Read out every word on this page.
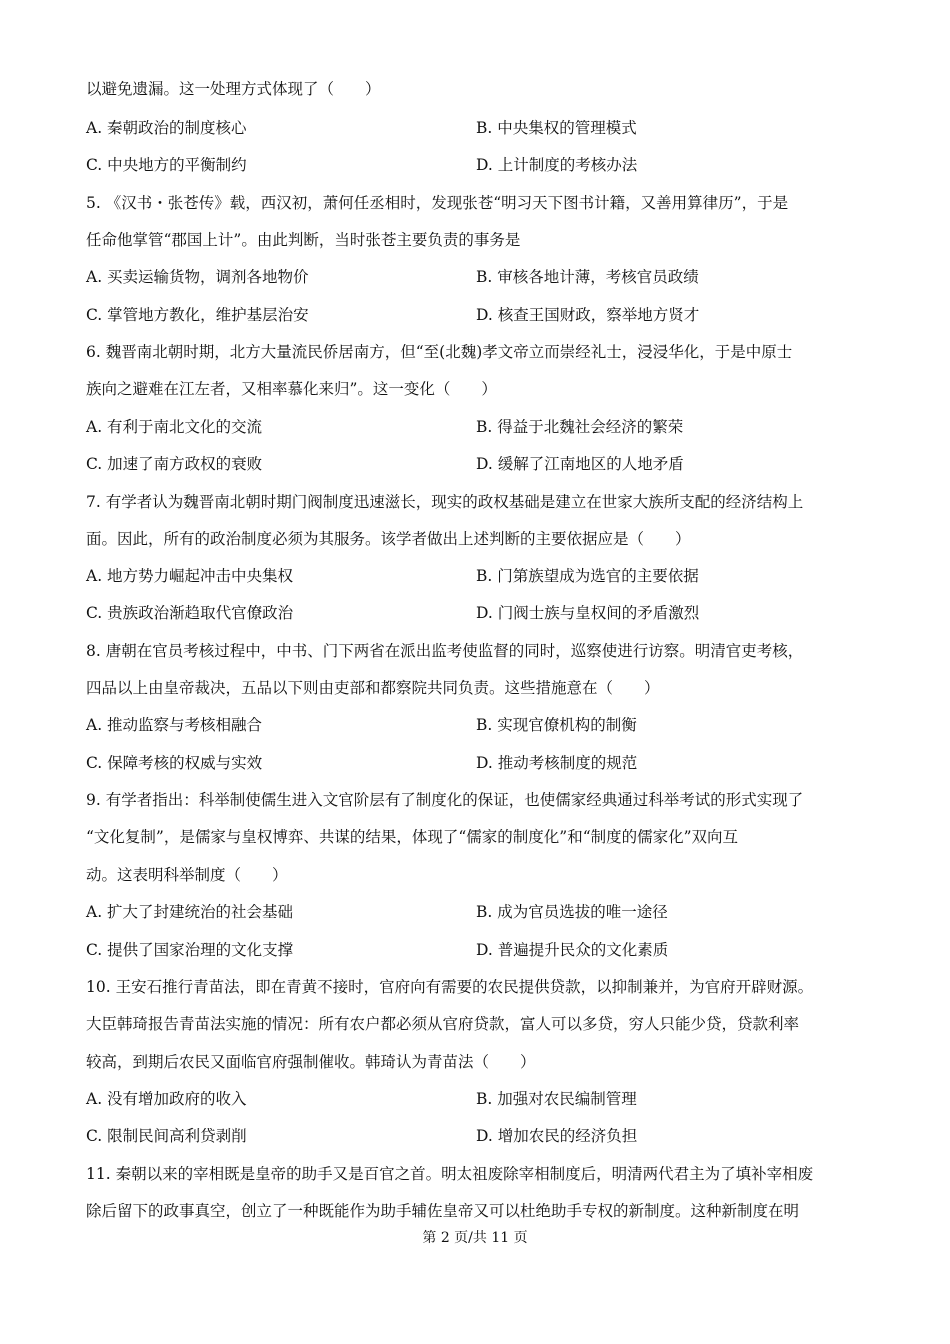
以避免遗漏。这一处理方式体现了（　　）
A. 秦朝政治的制度核心	B. 中央集权的管理模式
C. 中央地方的平衡制约	D. 上计制度的考核办法
5. 《汉书・张苍传》载，西汉初，萧何任丞相时，发现张苍“明习天下图书计籍，又善用算律历”，于是
任命他掌管“郡国上计”。由此判断，当时张苍主要负责的事务是
A. 买卖运输货物，调剂各地物价	B. 审核各地计薄，考核官员政绩
C. 掌管地方教化，维护基层治安	D. 核查王国财政，察举地方贤才
6. 魏晋南北朝时期，北方大量流民侨居南方，但“至(北魏)孝文帝立而崇经礼士，浸浸华化，于是中原士
族向之避难在江左者，又相率慕化来归”。这一变化（　　）
A. 有利于南北文化的交流	B. 得益于北魏社会经济的繁荣
C. 加速了南方政权的衰败	D. 缓解了江南地区的人地矛盾
7. 有学者认为魏晋南北朝时期门阀制度迅速滋长，现实的政权基础是建立在世家大族所支配的经济结构上
面。因此，所有的政治制度必须为其服务。该学者做出上述判断的主要依据应是（　　）
A. 地方势力崛起冲击中央集权	B. 门第族望成为选官的主要依据
C. 贵族政治渐趋取代官僚政治	D. 门阀士族与皇权间的矛盾激烈
8. 唐朝在官员考核过程中，中书、门下两省在派出监考使监督的同时，巡察使进行访察。明清官吏考核，
四品以上由皇帝裁决，五品以下则由吏部和都察院共同负责。这些措施意在（　　）
A. 推动监察与考核相融合	B. 实现官僚机构的制衡
C. 保障考核的权威与实效	D. 推动考核制度的规范
9. 有学者指出：科举制使儒生进入文官阶层有了制度化的保证，也使儒家经典通过科举考试的形式实现了
“文化复制”，是儒家与皇权博弈、共谋的结果，体现了“儒家的制度化”和“制度的儒家化”双向互
动。这表明科举制度（　　）
A. 扩大了封建统治的社会基础	B. 成为官员选拔的唯一途径
C. 提供了国家治理的文化支撑	D. 普遍提升民众的文化素质
10. 王安石推行青苗法，即在青黄不接时，官府向有需要的农民提供贷款，以抑制兼并，为官府开辟财源。
大臣韩琦报告青苗法实施的情况：所有农户都必须从官府贷款，富人可以多贷，穷人只能少贷，贷款利率
较高，到期后农民又面临官府强制催收。韩琦认为青苗法（　　）
A. 没有增加政府的收入	B. 加强对农民编制管理
C. 限制民间高利贷剥削	D. 增加农民的经济负担
11. 秦朝以来的宰相既是皇帝的助手又是百官之首。明太祖废除宰相制度后，明清两代君主为了填补宰相废
除后留下的政事真空，创立了一种既能作为助手辅佐皇帝又可以杜绝助手专权的新制度。这种新制度在明
第 2 页/共 11 页
